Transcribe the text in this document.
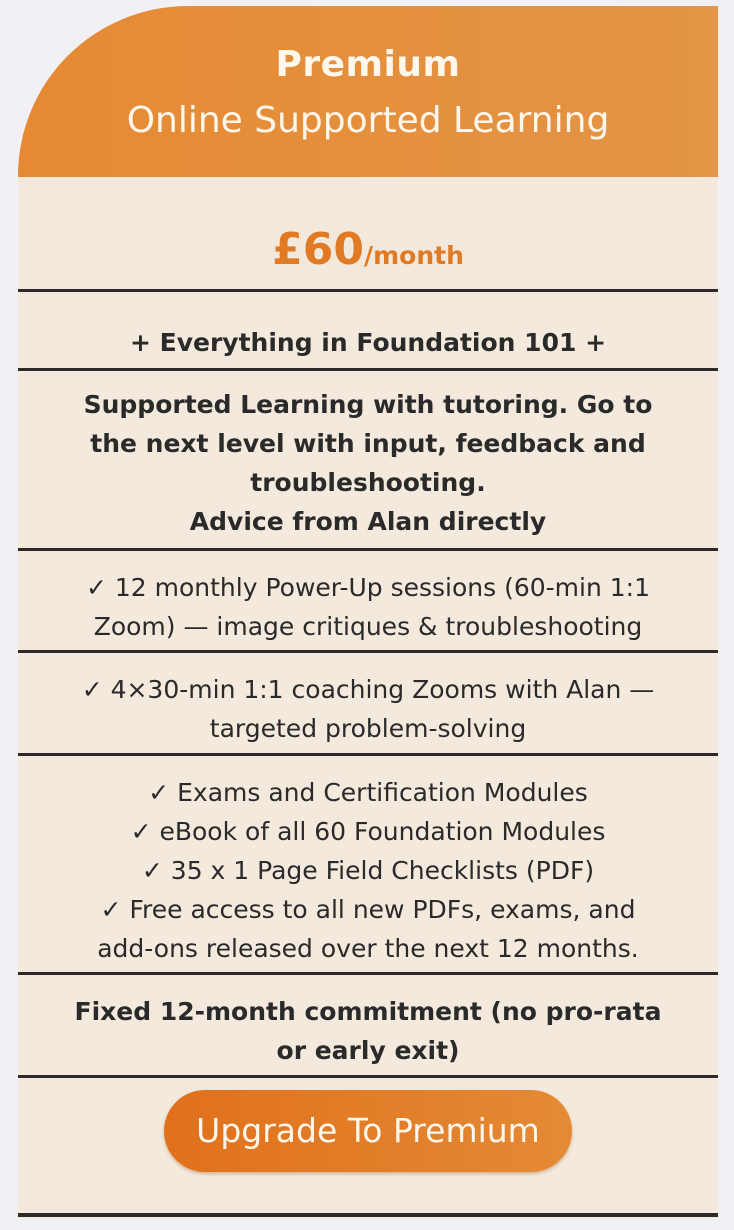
Premium
Online Supported Learning
£60/month
+ Everything in Foundation 101 +
Supported Learning with tutoring. Go to
the next level with input, feedback and
troubleshooting.
Advice from Alan directly
✓ 12 monthly Power-Up sessions (60-min 1:1
Zoom) — image critiques & troubleshooting
✓ 4×30-min 1:1 coaching Zooms with Alan —
targeted problem-solving
✓ Exams and Certification Modules
✓ eBook of all 60 Foundation Modules
✓ 35 x 1 Page Field Checklists (PDF)
✓ Free access to all new PDFs, exams, and
add-ons released over the next 12 months.
Fixed 12-month commitment (no pro-rata
or early exit)
Upgrade To Premium
